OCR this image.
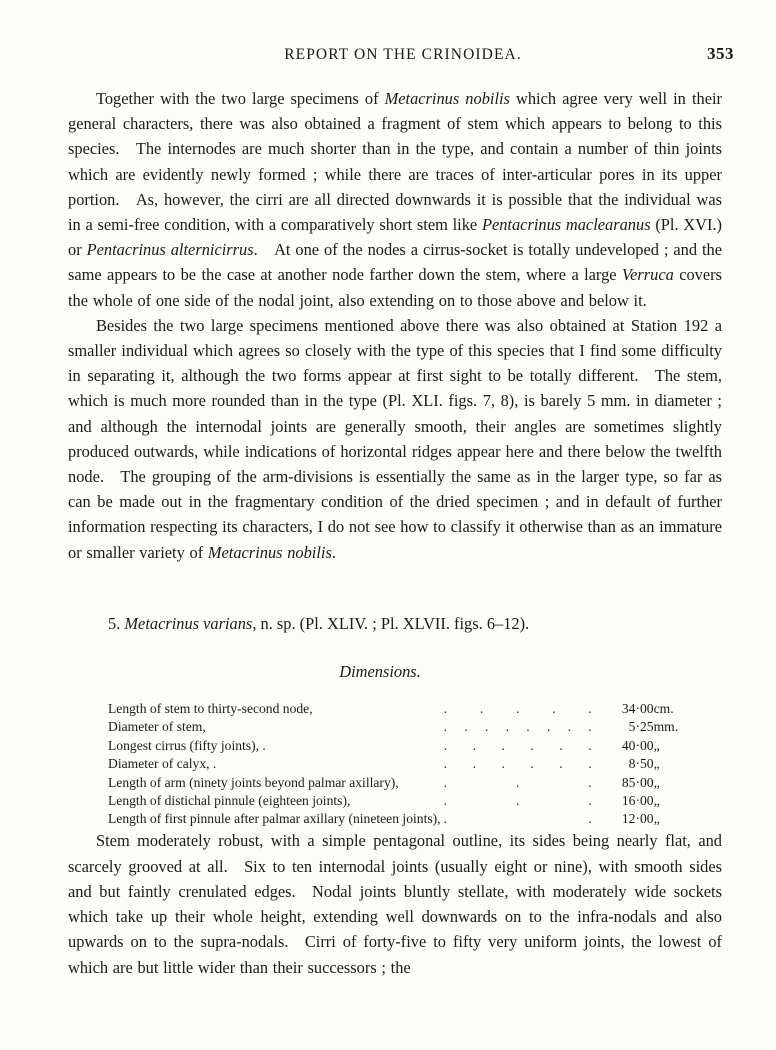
REPORT ON THE CRINOIDEA.	353

Together with the two large specimens of Metacrinus nobilis which agree very well in their general characters, there was also obtained a fragment of stem which appears to belong to this species. The internodes are much shorter than in the type, and contain a number of thin joints which are evidently newly formed ; while there are traces of inter-articular pores in its upper portion. As, however, the cirri are all directed downwards it is possible that the individual was in a semi-free condition, with a comparatively short stem like Pentacrinus maclearanus (Pl. XVI.) or Pentacrinus alternicirrus. At one of the nodes a cirrus-socket is totally undeveloped ; and the same appears to be the case at another node farther down the stem, where a large Verruca covers the whole of one side of the nodal joint, also extending on to those above and below it.

Besides the two large specimens mentioned above there was also obtained at Station 192 a smaller individual which agrees so closely with the type of this species that I find some difficulty in separating it, although the two forms appear at first sight to be totally different. The stem, which is much more rounded than in the type (Pl. XLI. figs. 7, 8), is barely 5 mm. in diameter ; and although the internodal joints are generally smooth, their angles are sometimes slightly produced outwards, while indications of horizontal ridges appear here and there below the twelfth node. The grouping of the arm-divisions is essentially the same as in the larger type, so far as can be made out in the fragmentary condition of the dried specimen ; and in default of further information respecting its characters, I do not see how to classify it otherwise than as an immature or smaller variety of Metacrinus nobilis.

5. Metacrinus varians, n. sp. (Pl. XLIV. ; Pl. XLVII. figs. 6–12).
Dimensions.
Length of stem to thirty-second node,	. . . . .	34·00	cm.
Diameter of stem,	. . . . . . . .	5·25	mm.
Longest cirrus (fifty joints), .	. . . . . .	40·00	„
Diameter of calyx, .	. . . . . .	8·50	„
Length of arm (ninety joints beyond palmar axillary),	. . .	85·00	„
Length of distichal pinnule (eighteen joints),	. . .	16·00	„
Length of first pinnule after palmar axillary (nineteen joints),	. .	12·00	„

Stem moderately robust, with a simple pentagonal outline, its sides being nearly flat, and scarcely grooved at all. Six to ten internodal joints (usually eight or nine), with smooth sides and but faintly crenulated edges. Nodal joints bluntly stellate, with moderately wide sockets which take up their whole height, extending well downwards on to the infra-nodals and also upwards on to the supra-nodals. Cirri of forty-five to fifty very uniform joints, the lowest of which are but little wider than their successors ; the
